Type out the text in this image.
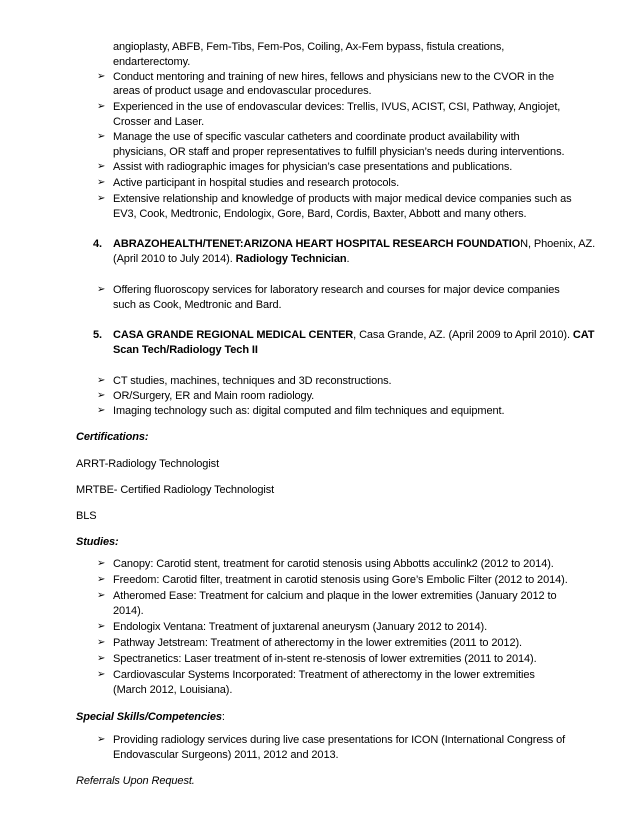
angioplasty, ABFB, Fem-Tibs, Fem-Pos, Coiling, Ax-Fem bypass, fistula creations,
endarterectomy.
➢ Conduct mentoring and training of new hires, fellows and physicians new to the CVOR in the
areas of product usage and endovascular procedures.
➢ Experienced in the use of endovascular devices: Trellis, IVUS, ACIST, CSI, Pathway, Angiojet,
Crosser and Laser.
➢ Manage the use of specific vascular catheters and coordinate product availability with
physicians, OR staff and proper representatives to fulfill physician’s needs during interventions.
➢ Assist with radiographic images for physician’s case presentations and publications.
➢ Active participant in hospital studies and research protocols.
➢ Extensive relationship and knowledge of products with major medical device companies such as
EV3, Cook, Medtronic, Endologix, Gore, Bard, Cordis, Baxter, Abbott and many others.
4. ABRAZOHEALTH/TENET:ARIZONA HEART HOSPITAL RESEARCH FOUNDATION, Phoenix, AZ.
(April 2010 to July 2014). Radiology Technician.
➢ Offering fluoroscopy services for laboratory research and courses for major device companies
such as Cook, Medtronic and Bard.
5. CASA GRANDE REGIONAL MEDICAL CENTER, Casa Grande, AZ. (April 2009 to April 2010). CAT
Scan Tech/Radiology Tech II
➢ CT studies, machines, techniques and 3D reconstructions.
➢ OR/Surgery, ER and Main room radiology.
➢ Imaging technology such as: digital computed and film techniques and equipment.
Certifications:
ARRT-Radiology Technologist
MRTBE- Certified Radiology Technologist
BLS
Studies:
➢ Canopy: Carotid stent, treatment for carotid stenosis using Abbotts acculink2 (2012 to 2014).
➢ Freedom: Carotid filter, treatment in carotid stenosis using Gore’s Embolic Filter (2012 to 2014).
➢ Atheromed Ease: Treatment for calcium and plaque in the lower extremities (January 2012 to
2014).
➢ Endologix Ventana: Treatment of juxtarenal aneurysm (January 2012 to 2014).
➢ Pathway Jetstream: Treatment of atherectomy in the lower extremities (2011 to 2012).
➢ Spectranetics: Laser treatment of in-stent re-stenosis of lower extremities (2011 to 2014).
➢ Cardiovascular Systems Incorporated: Treatment of atherectomy in the lower extremities
(March 2012, Louisiana).
Special Skills/Competencies:
➢ Providing radiology services during live case presentations for ICON (International Congress of
Endovascular Surgeons) 2011, 2012 and 2013.
Referrals Upon Request.
